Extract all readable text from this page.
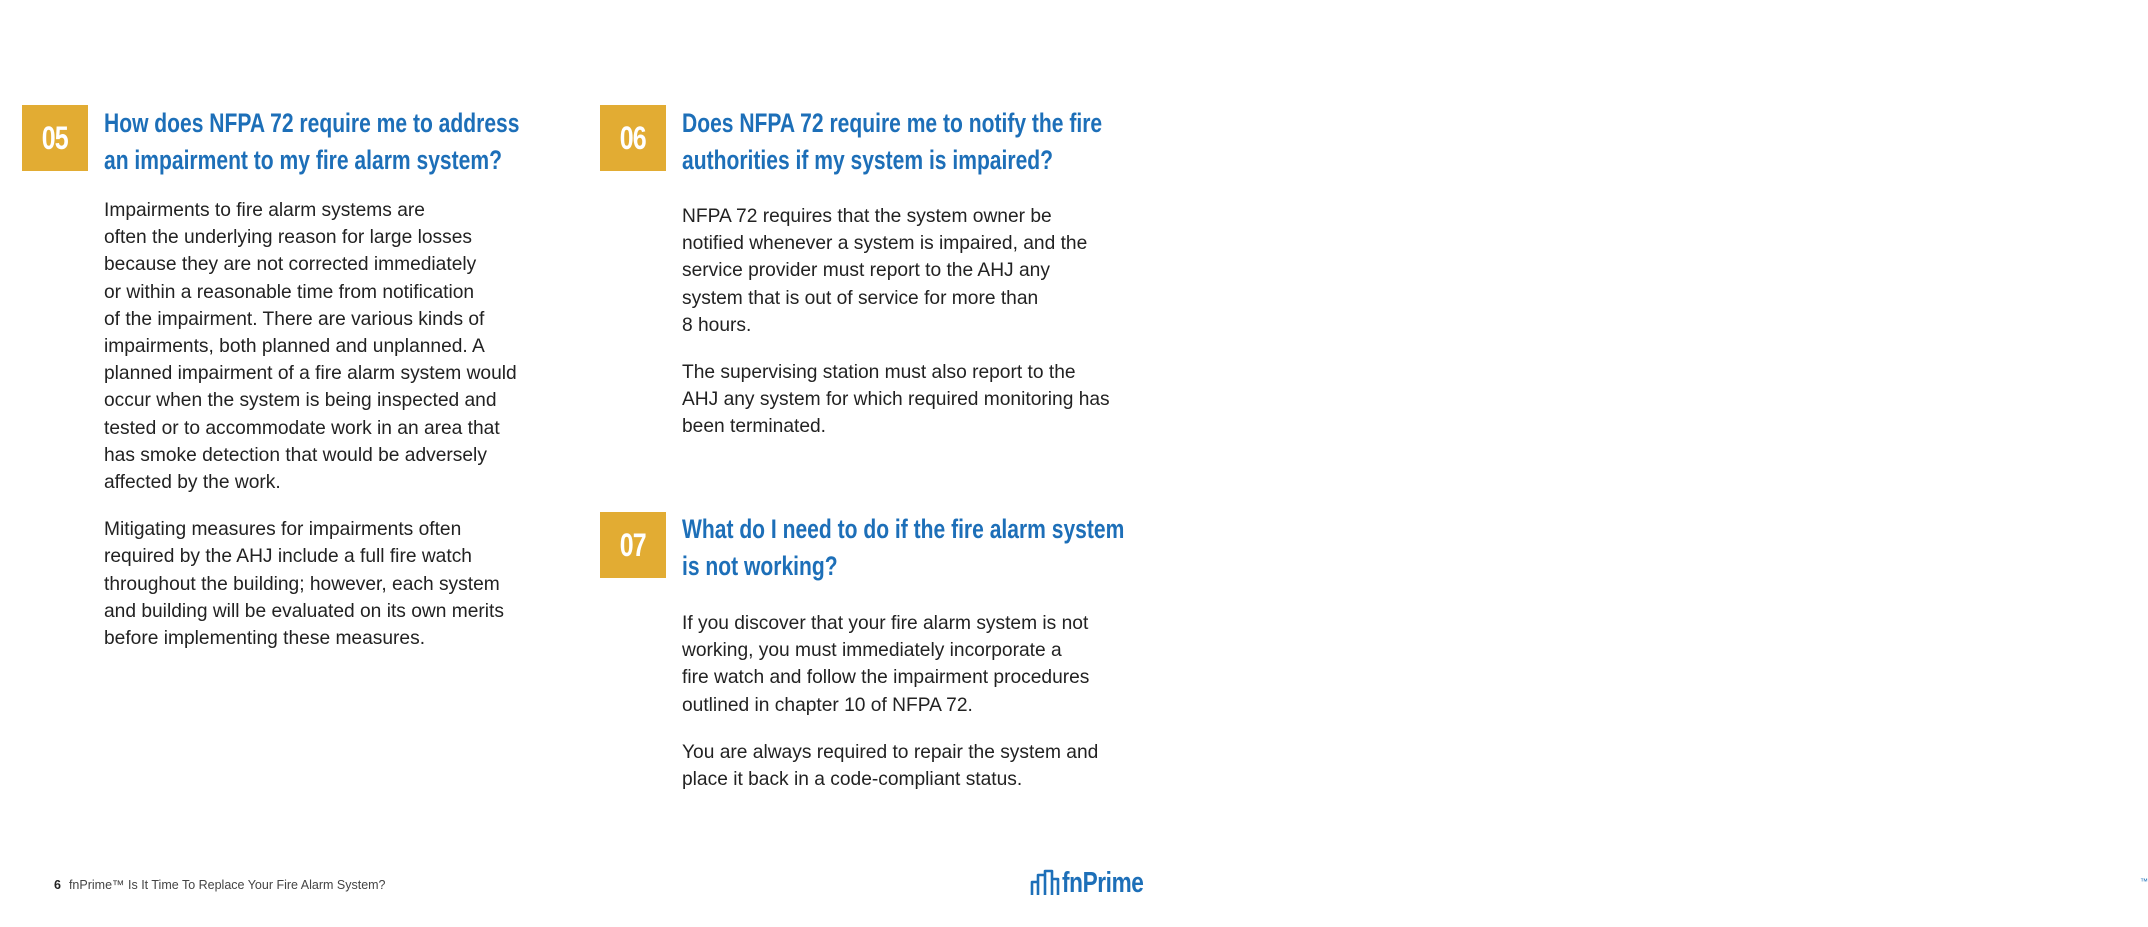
05 How does NFPA 72 require me to address
an impairment to my fire alarm system?
Impairments to fire alarm systems are
often the underlying reason for large losses
because they are not corrected immediately
or within a reasonable time from notification
of the impairment. There are various kinds of
impairments, both planned and unplanned. A
planned impairment of a fire alarm system would
occur when the system is being inspected and
tested or to accommodate work in an area that
has smoke detection that would be adversely
affected by the work.
Mitigating measures for impairments often
required by the AHJ include a full fire watch
throughout the building; however, each system
and building will be evaluated on its own merits
before implementing these measures.
06 Does NFPA 72 require me to notify the fire
authorities if my system is impaired?
NFPA 72 requires that the system owner be
notified whenever a system is impaired, and the
service provider must report to the AHJ any
system that is out of service for more than
8 hours.
The supervising station must also report to the
AHJ any system for which required monitoring has
been terminated.
07 What do I need to do if the fire alarm system
is not working?
If you discover that your fire alarm system is not
working, you must immediately incorporate a
fire watch and follow the impairment procedures
outlined in chapter 10 of NFPA 72.
You are always required to repair the system and
place it back in a code-compliant status.
6 fnPrime™ Is It Time To Replace Your Fire Alarm System?	fnPrime	™
